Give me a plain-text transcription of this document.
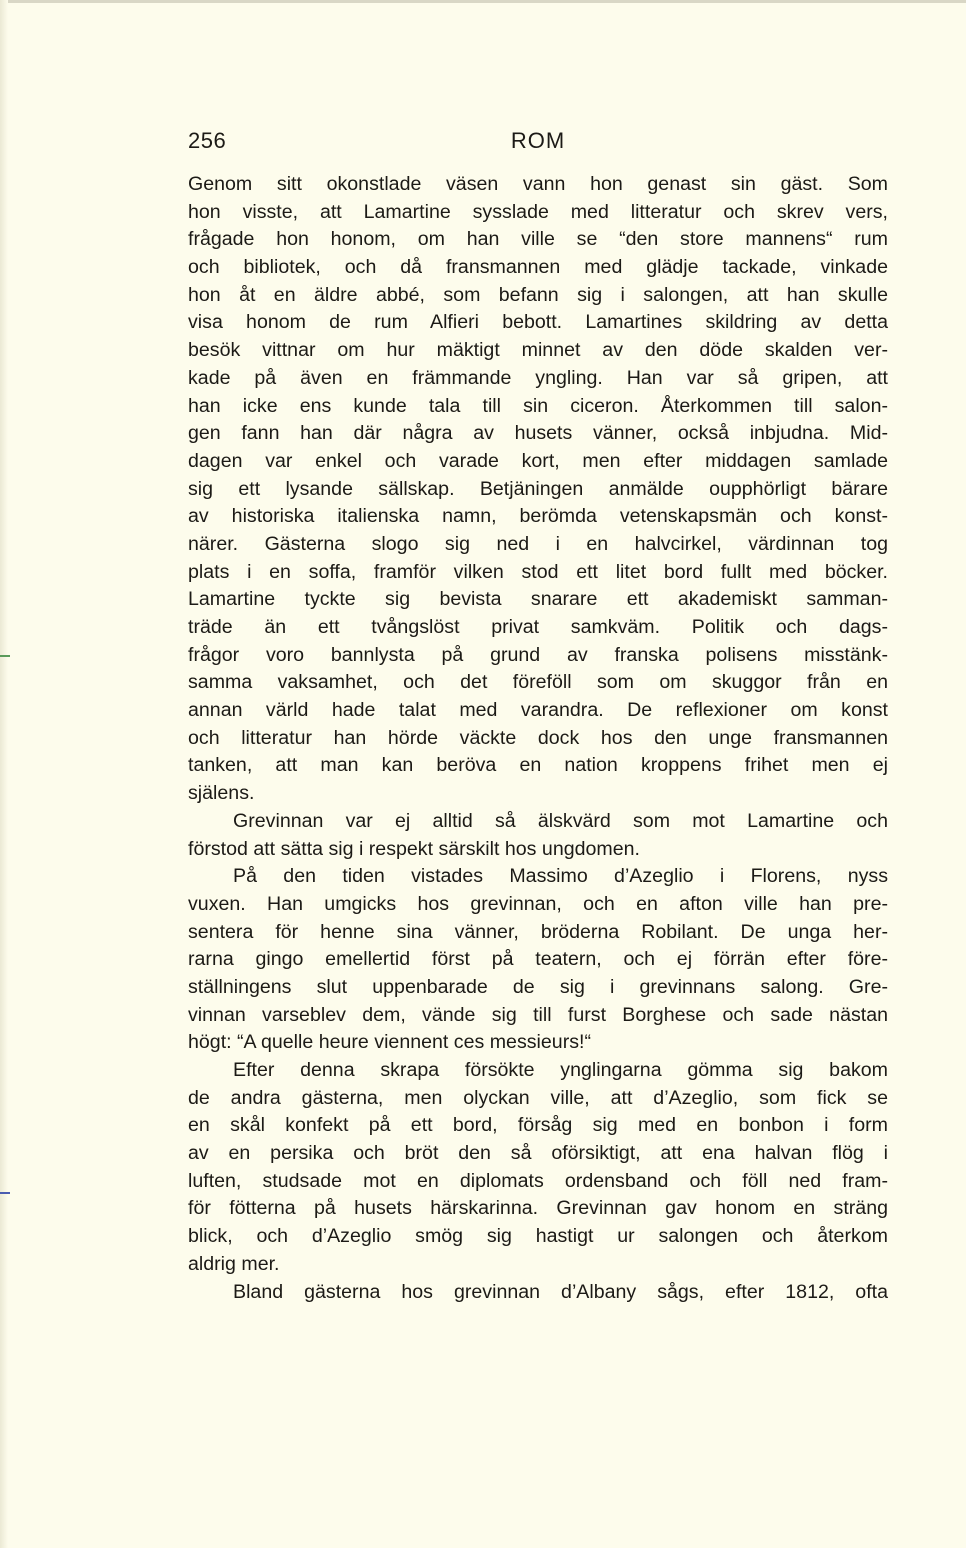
256	ROM
Genom sitt okonstlade väsen vann hon genast sin gäst. Som
hon visste, att Lamartine sysslade med litteratur och skrev vers,
frågade hon honom, om han ville se “den store mannens“ rum
och bibliotek, och då fransmannen med glädje tackade, vinkade
hon åt en äldre abbé, som befann sig i salongen, att han skulle
visa honom de rum Alfieri bebott. Lamartines skildring av detta
besök vittnar om hur mäktigt minnet av den döde skalden ver-
kade på även en främmande yngling. Han var så gripen, att
han icke ens kunde tala till sin ciceron. Återkommen till salon-
gen fann han där några av husets vänner, också inbjudna. Mid-
dagen var enkel och varade kort, men efter middagen samlade
sig ett lysande sällskap. Betjäningen anmälde oupphörligt bärare
av historiska italienska namn, berömda vetenskapsmän och konst-
närer. Gästerna slogo sig ned i en halvcirkel, värdinnan tog
plats i en soffa, framför vilken stod ett litet bord fullt med böcker.
Lamartine tyckte sig bevista snarare ett akademiskt samman-
träde än ett tvångslöst privat samkväm. Politik och dags-
frågor voro bannlysta på grund av franska polisens misstänk-
samma vaksamhet, och det föreföll som om skuggor från en
annan värld hade talat med varandra. De reflexioner om konst
och litteratur han hörde väckte dock hos den unge fransmannen
tanken, att man kan beröva en nation kroppens frihet men ej
själens.
Grevinnan var ej alltid så älskvärd som mot Lamartine och
förstod att sätta sig i respekt särskilt hos ungdomen.
På den tiden vistades Massimo d’Azeglio i Florens, nyss
vuxen. Han umgicks hos grevinnan, och en afton ville han pre-
sentera för henne sina vänner, bröderna Robilant. De unga her-
rarna gingo emellertid först på teatern, och ej förrän efter före-
ställningens slut uppenbarade de sig i grevinnans salong. Gre-
vinnan varseblev dem, vände sig till furst Borghese och sade nästan
högt: “A quelle heure viennent ces messieurs!“
Efter denna skrapa försökte ynglingarna gömma sig bakom
de andra gästerna, men olyckan ville, att d’Azeglio, som fick se
en skål konfekt på ett bord, försåg sig med en bonbon i form
av en persika och bröt den så oförsiktigt, att ena halvan flög i
luften, studsade mot en diplomats ordensband och föll ned fram-
för fötterna på husets härskarinna. Grevinnan gav honom en sträng
blick, och d’Azeglio smög sig hastigt ur salongen och återkom
aldrig mer.
Bland gästerna hos grevinnan d’Albany sågs, efter 1812, ofta
